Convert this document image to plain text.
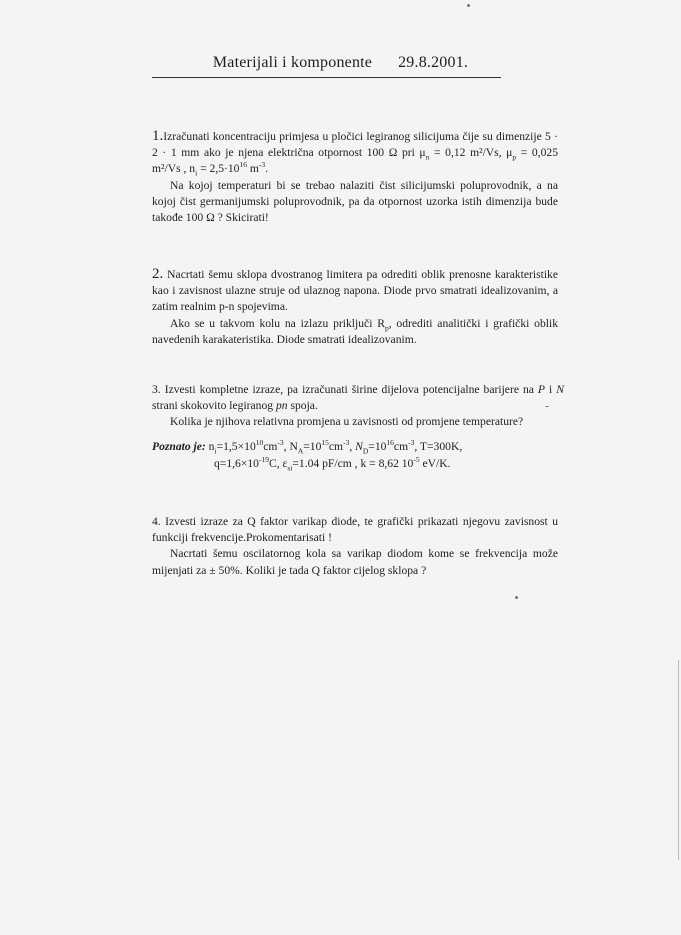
Materijali i komponente 29.8.2001.

1.Izračunati koncentraciju primjesa u pločici legiranog silicijuma čije su dimenzije 5 · 2 · 1 mm ako je njena električna otpornost 100 Ω pri $\mu_n = 0,12$ m²/Vs, $\mu_p = 0,025$ m²/Vs , $n_i = 2,5\cdot 10^{16}$ $m^{-3}$.

Na kojoj temperaturi bi se trebao nalaziti čist silicijumski poluprovodnik, a na kojoj čist germanijumski poluprovodnik, pa da otpornost uzorka istih dimenzija bude takođe 100 Ω ? Skicirati!

2. Nacrtati šemu sklopa dvostranog limitera pa odrediti oblik prenosne karakteristike kao i zavisnost ulazne struje od ulaznog napona. Diode prvo smatrati idealizovanim, a zatim realnim p-n spojevima.

Ako se u takvom kolu na izlazu priključi $R_p$, odrediti analitički i grafički oblik navedenih karakateristika. Diode smatrati idealizovanim.

3. Izvesti kompletne izraze, pa izračunati širine dijelova potencijalne barijere na P i N strani skokovito legiranog pn spoja.

Kolika je njihova relativna promjena u zavisnosti od promjene temperature?

Poznato je: $n_i=1,5\times 10^{10}cm^{-3}$, $N_A=10^{15}cm^{-3}$, $N_D=10^{16}cm^{-3}$, T=300K,
$q=1,6\times 10^{-19}C$, $\varepsilon_{si}=1.04$ pF/cm , k = 8,62 $10^{-5}$ eV/K.

4. Izvesti izraze za Q faktor varikap diode, te grafički prikazati njegovu zavisnost u funkciji frekvencije.Prokomentarisati !

Nacrtati šemu oscilatornog kola sa varikap diodom kome se frekvencija može mijenjati za ± 50%. Koliki je tada Q faktor cijelog sklopa ?
